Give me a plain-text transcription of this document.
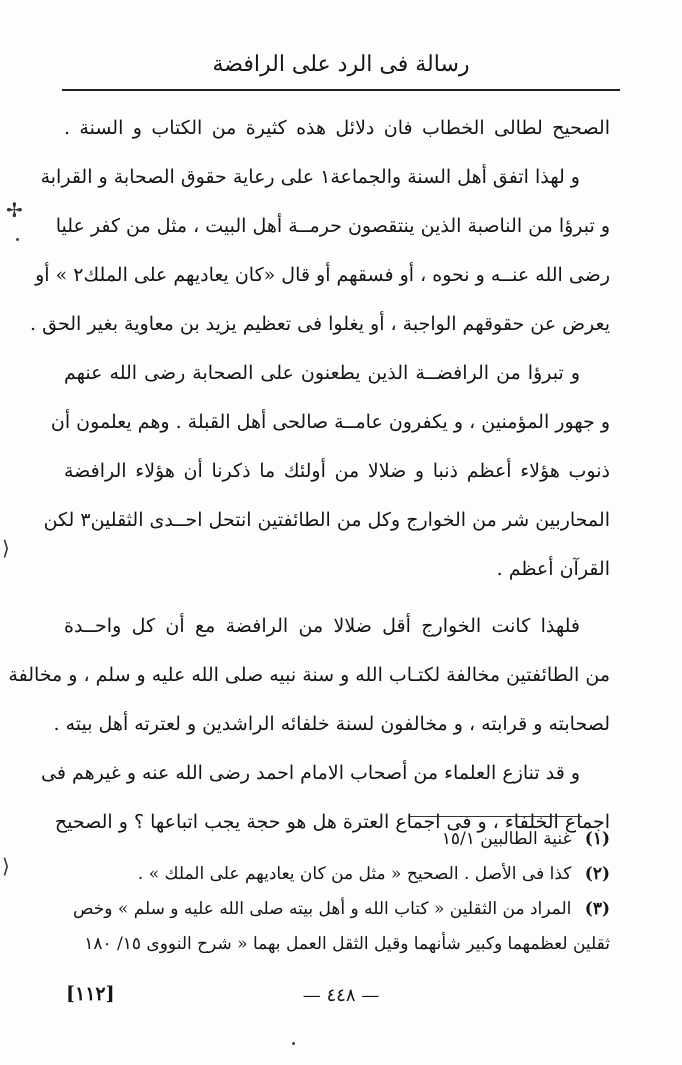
رسالة فى الرد على الرافضة
الصحيح لطالى الخطاب فان دلائل هذه كثيرة من الكتاب و السنة .
و لهذا اتفق أهل السنة والجماعة١ على رعاية حقوق الصحابة و القرابة
و تبرؤا من الناصبة الذين ينتقصون حرمــة أهل البيت ، مثل من كفر عليا
رضى الله عنــه و نحوه ، أو فسقهم أو قال «كان يعاديهم على الملك٢ » أو
يعرض عن حقوقهم الواجبة ، أو يغلوا فى تعظيم يزيد بن معاوية بغير الحق .
و تبرؤا من الرافضــة الذين يطعنون على الصحابة رضى الله عنهم
و جهور المؤمنين ، و يكفرون عامــة صالحى أهل القبلة . وهم يعلمون أن
ذنوب هؤلاء أعظم ذنبا و ضلالا من أولئك ما ذكرنا أن هؤلاء الرافضة
المحاربين شر من الخوارج وكل من الطائفتين انتحل احــدى الثقلين٣ لكن
القرآن أعظم .
فلهذا كانت الخوارج أقل ضلالا من الرافضة مع أن كل واحــدة
من الطائفتين مخالفة لكتـاب الله و سنة نبيه صلى الله عليه و سلم ، و مخالفة
لصحابته و قرابته ، و مخالفون لسنة خلفائه الراشدين و لعترته أهل بيته .
و قد تنازع العلماء من أصحاب الامام احمد رضى الله عنه و غيرهم فى
اجماع الخلفاء ، و فى اجماع العترة هل هو حجة يجب اتباعها ؟ و الصحيح
(١) غنية الطالبين ١٥/١
(٢) كذا فى الأصل . الصحيح « مثل من كان يعاديهم على الملك » .
(٣) المراد من الثقلين « كتاب الله و أهل بيته صلى الله عليه و سلم » وخص
ثقلين لعظمهما وكبير شأنهما وقيل الثقل العمل بهما « شرح النووى ١٥/ ١٨٠
— ٤٤٨ —
[١١٢]
✢
⟩
⟩
